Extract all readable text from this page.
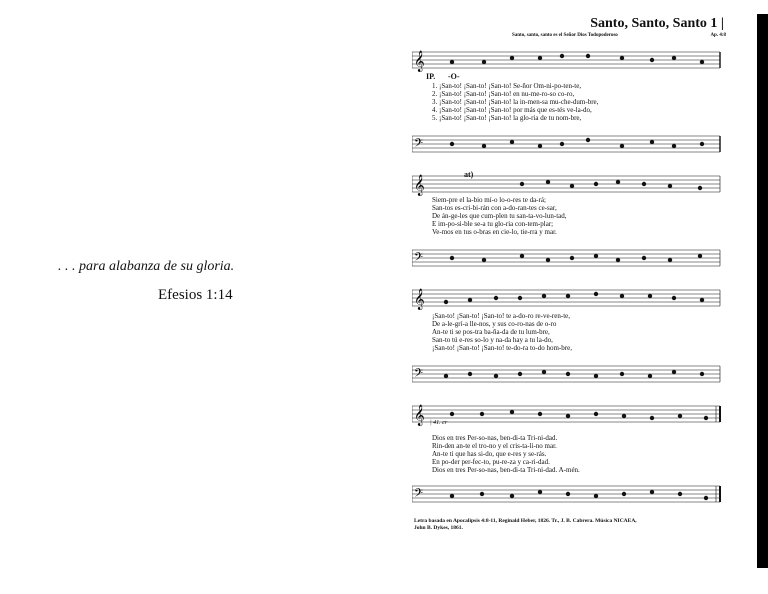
. . . para alabanza de su gloria.
Efesios 1:14
Santo, Santo, Santo 1 |
Santo, santo, santo es el Señor Dios Todopoderoso	Ap. 4:8
𝄞
IP. -O-
1. ¡San-to! ¡San-to! ¡San-to! Se-ñor Om-ni-po-ten-te,
2. ¡San-to! ¡San-to! ¡San-to! en nu-me-ro-so co-ro,
3. ¡San-to! ¡San-to! ¡San-to! la in-men-sa mu-che-dum-bre,
4. ¡San-to! ¡San-to! ¡San-to! por más que es-tés ve-la-do,
5. ¡San-to! ¡San-to! ¡San-to! la glo-ria de tu nom-bre,
𝄢
at)
𝄞
Siem-pre el la-bio mí-o lo-o-res te da-rá;
San-tos es-cri-bi-rán con a-do-ran-tes ce-sar,
De án-ge-les que cum-plen tu san-ta-vo-lun-tad,
E im-po-si-ble se-a tu glo-ria con-tem-plar;
Ve-mos en tus o-bras en cie-lo, tie-rra y mar.
𝄢
𝄞
¡San-to! ¡San-to! ¡San-to! te a-do-ro re-ve-ren-te,
De a-le-grí-a lle-nos, y sus co-ro-nas de o-ro
An-te ti se pos-tra ba-ña-da de tu lum-bre,
San-to tú e-res so-lo y na-da hay a tu la-do,
¡San-to! ¡San-to! ¡San-to! te-do-ra to-do hom-bre,
𝄢
𝄞 | 41. cr
Dios en tres Per-so-nas, ben-di-ta Tri-ni-dad.
Rin-den an-te el tro-no y el cris-ta-li-no mar.
An-te ti que has si-do, que e-res y se-rás.
En po-der per-fec-to, pu-re-za y ca-ri-dad.
Dios en tres Per-so-nas, ben-di-ta Tri-ni-dad. A-mén.
𝄢
Letra basada en Apocalipsis 4:8-11, Reginald Heber, 1826. Tr., J. B. Cabrera. Música NICAEA,
John B. Dykes, 1861.
